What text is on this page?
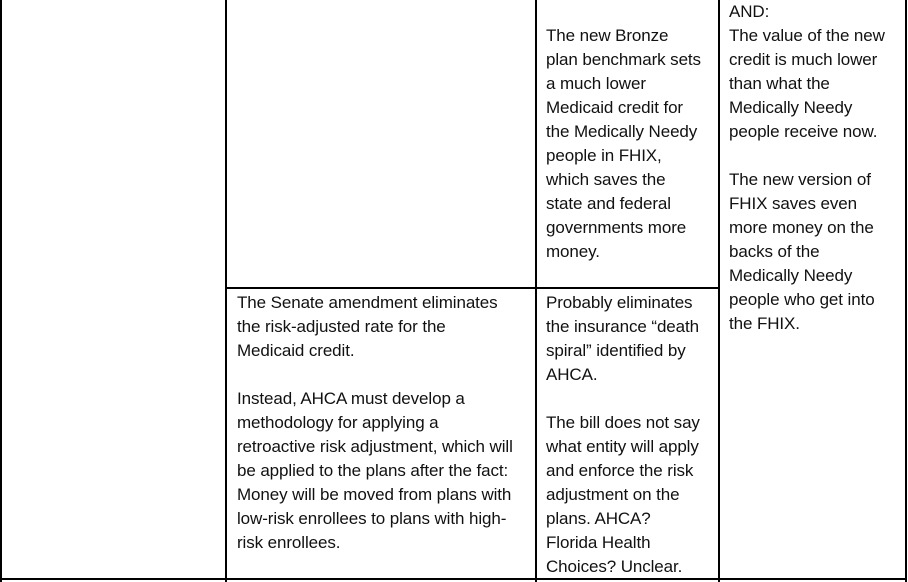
The new Bronze
plan benchmark sets
a much lower
Medicaid credit for
the Medically Needy
people in FHIX,
which saves the
state and federal
governments more
money.

AND:
The value of the new
credit is much lower
than what the
Medically Needy
people receive now.

The new version of
FHIX saves even
more money on the
backs of the
Medically Needy
people who get into
the FHIX.

The Senate amendment eliminates
the risk-adjusted rate for the
Medicaid credit.

Instead, AHCA must develop a
methodology for applying a
retroactive risk adjustment, which will
be applied to the plans after the fact:
Money will be moved from plans with
low-risk enrollees to plans with high-
risk enrollees.

Probably eliminates
the insurance “death
spiral” identified by
AHCA.

The bill does not say
what entity will apply
and enforce the risk
adjustment on the
plans. AHCA?
Florida Health
Choices? Unclear.
